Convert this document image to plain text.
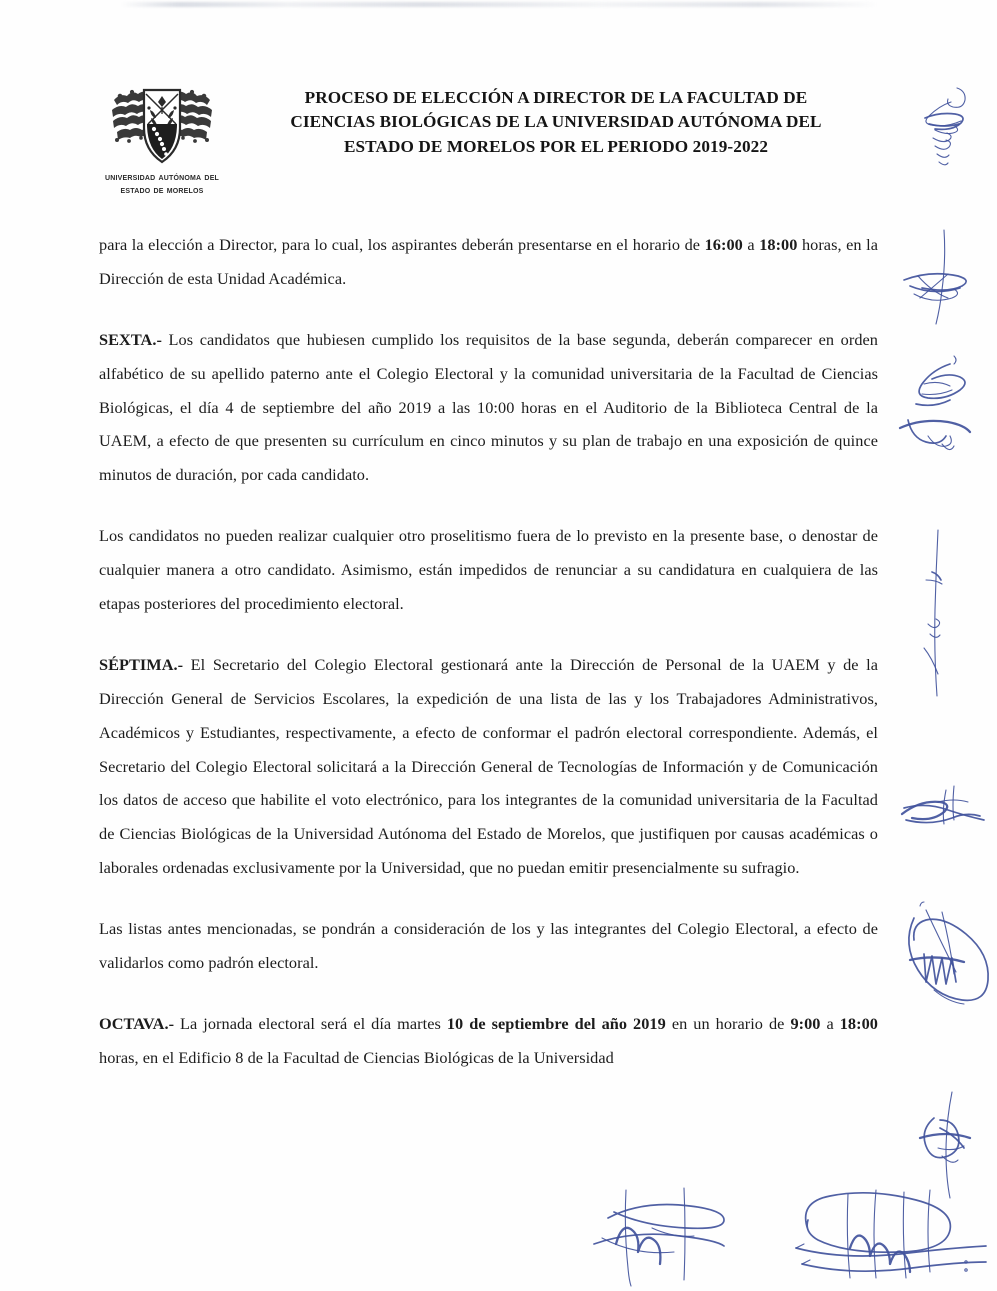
universidad autónoma del
estado de morelos
PROCESO DE ELECCIÓN A DIRECTOR DE LA FACULTAD DE
CIENCIAS BIOLÓGICAS DE LA UNIVERSIDAD AUTÓNOMA DEL
ESTADO DE MORELOS POR EL PERIODO 2019-2022

para la elección a Director, para lo cual, los aspirantes deberán presentarse en el horario de 16:00 a 18:00 horas, en la Dirección de esta Unidad Académica.

SEXTA.- Los candidatos que hubiesen cumplido los requisitos de la base segunda, deberán comparecer en orden alfabético de su apellido paterno ante el Colegio Electoral y la comunidad universitaria de la Facultad de Ciencias Biológicas, el día 4 de septiembre del año 2019 a las 10:00 horas en el Auditorio de la Biblioteca Central de la UAEM, a efecto de que presenten su currículum en cinco minutos y su plan de trabajo en una exposición de quince minutos de duración, por cada candidato.

Los candidatos no pueden realizar cualquier otro proselitismo fuera de lo previsto en la presente base, o denostar de cualquier manera a otro candidato. Asimismo, están impedidos de renunciar a su candidatura en cualquiera de las etapas posteriores del procedimiento electoral.

SÉPTIMA.- El Secretario del Colegio Electoral gestionará ante la Dirección de Personal de la UAEM y de la Dirección General de Servicios Escolares, la expedición de una lista de las y los Trabajadores Administrativos, Académicos y Estudiantes, respectivamente, a efecto de conformar el padrón electoral correspondiente. Además, el Secretario del Colegio Electoral solicitará a la Dirección General de Tecnologías de Información y de Comunicación los datos de acceso que habilite el voto electrónico, para los integrantes de la comunidad universitaria de la Facultad de Ciencias Biológicas de la Universidad Autónoma del Estado de Morelos, que justifiquen por causas académicas o laborales ordenadas exclusivamente por la Universidad, que no puedan emitir presencialmente su sufragio.

Las listas antes mencionadas, se pondrán a consideración de los y las integrantes del Colegio Electoral, a efecto de validarlos como padrón electoral.

OCTAVA.- La jornada electoral será el día martes 10 de septiembre del año 2019 en un horario de 9:00 a 18:00 horas, en el Edificio 8 de la Facultad de Ciencias Biológicas de la Universidad
